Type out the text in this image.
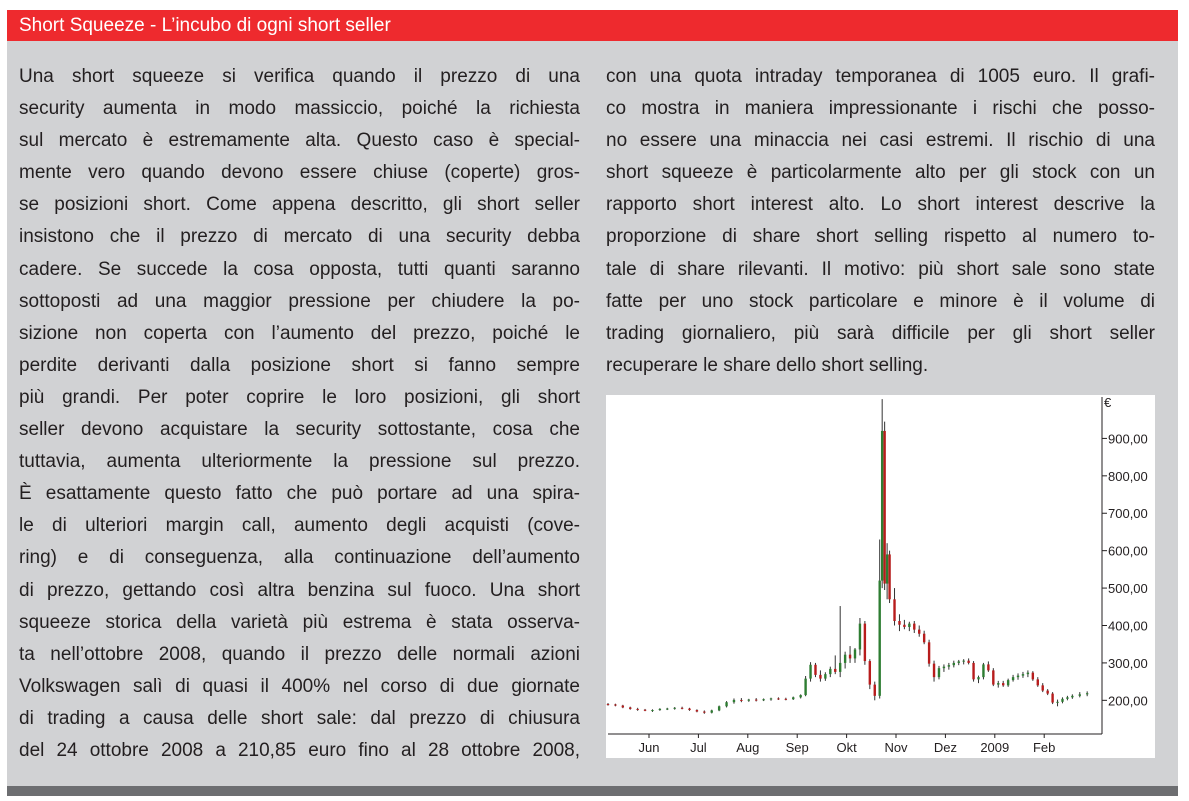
Short Squeeze - L’incubo di ogni short seller
Una short squeeze si verifica quando il prezzo di una
security aumenta in modo massiccio, poiché la richiesta
sul mercato è estremamente alta. Questo caso è special-
mente vero quando devono essere chiuse (coperte) gros-
se posizioni short. Come appena descritto, gli short seller
insistono che il prezzo di mercato di una security debba
cadere. Se succede la cosa opposta, tutti quanti saranno
sottoposti ad una maggior pressione per chiudere la po-
sizione non coperta con l’aumento del prezzo, poiché le
perdite derivanti dalla posizione short si fanno sempre
più grandi. Per poter coprire le loro posizioni, gli short
seller devono acquistare la security sottostante, cosa che
tuttavia, aumenta ulteriormente la pressione sul prezzo.
È esattamente questo fatto che può portare ad una spira-
le di ulteriori margin call, aumento degli acquisti (cove-
ring) e di conseguenza, alla continuazione dell’aumento
di prezzo, gettando così altra benzina sul fuoco. Una short
squeeze storica della varietà più estrema è stata osserva-
ta nell’ottobre 2008, quando il prezzo delle normali azioni
Volkswagen salì di quasi il 400% nel corso di due giornate
di trading a causa delle short sale: dal prezzo di chiusura
del 24 ottobre 2008 a 210,85 euro fino al 28 ottobre 2008,
con una quota intraday temporanea di 1005 euro. Il grafi-
co mostra in maniera impressionante i rischi che posso-
no essere una minaccia nei casi estremi. Il rischio di una
short squeeze è particolarmente alto per gli stock con un
rapporto short interest alto. Lo short interest descrive la
proporzione di share short selling rispetto al numero to-
tale di share rilevanti. Il motivo: più short sale sono state
fatte per uno stock particolare e minore è il volume di
trading giornaliero, più sarà difficile per gli short seller
recuperare le share dello short selling.
€
900,00
800,00
700,00
600,00
500,00
400,00
300,00
200,00
Jun Jul Aug Sep Okt Nov Dez 2009 Feb
